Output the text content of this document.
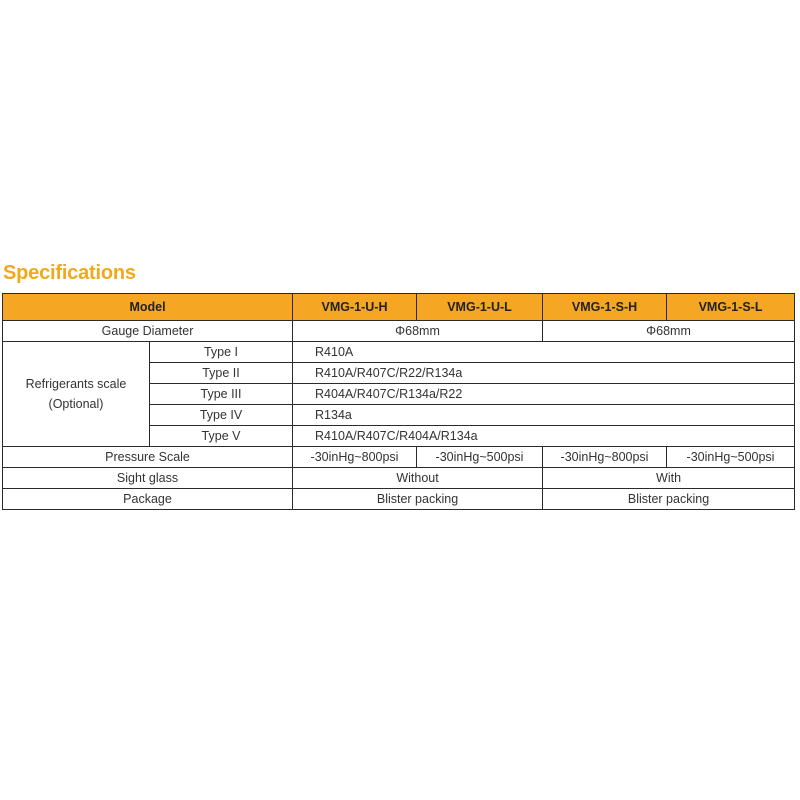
Specifications
Model		VMG-1-U-H	VMG-1-U-L	VMG-1-S-H	VMG-1-S-L
Gauge Diameter		Φ68mm		Φ68mm	
Refrigerants scale
(Optional)	Type I	R410A			
	Type II	R410A/R407C/R22/R134a			
	Type III	R404A/R407C/R134a/R22			
	Type IV	R134a			
	Type V	R410A/R407C/R404A/R134a			
Pressure Scale		-30inHg~800psi	-30inHg~500psi	-30inHg~800psi	-30inHg~500psi
Sight glass		Without		With	
Package		Blister packing		Blister packing	
